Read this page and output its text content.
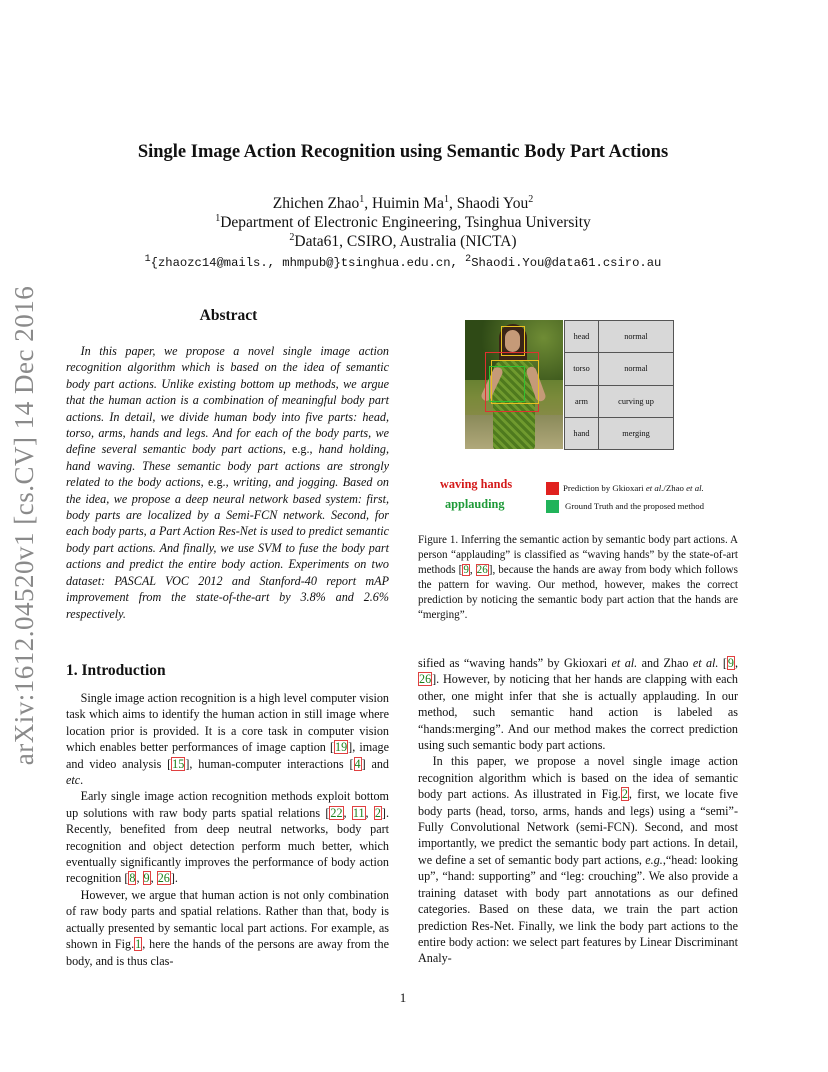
arXiv:1612.04520v1 [cs.CV] 14 Dec 2016
Single Image Action Recognition using Semantic Body Part Actions
Zhichen Zhao$^1$, Huimin Ma$^1$, Shaodi You$^2$
$^1$Department of Electronic Engineering, Tsinghua University
$^2$Data61, CSIRO, Australia (NICTA)
$^1${zhaozc14@mails., mhmpub@}tsinghua.edu.cn, $^2$Shaodi.You@data61.csiro.au
Abstract
In this paper, we propose a novel single image action recognition algorithm which is based on the idea of semantic body part actions. Unlike existing bottom up methods, we argue that the human action is a combination of meaningful body part actions. In detail, we divide human body into five parts: head, torso, arms, hands and legs. And for each of the body parts, we define several semantic body part actions, e.g., hand holding, hand waving. These semantic body part actions are strongly related to the body actions, e.g., writing, and jogging. Based on the idea, we propose a deep neural network based system: first, body parts are localized by a Semi-FCN network. Second, for each body parts, a Part Action Res-Net is used to predict semantic body part actions. And finally, we use SVM to fuse the body part actions and predict the entire body action. Experiments on two dataset: PASCAL VOC 2012 and Stanford-40 report mAP improvement from the state-of-the-art by 3.8% and 2.6% respectively.
head	normal
torso	normal
arm	curving up
hand	merging
waving hands
applauding
Prediction by Gkioxari et al./Zhao et al.
Ground Truth and the proposed method
Figure 1. Inferring the semantic action by semantic body part actions. A person “applauding” is classified as “waving hands” by the state-of-art methods [9, 26], because the hands are away from body which follows the pattern for waving. Our method, however, makes the correct prediction by noticing the semantic body part action that the hands are “merging”.
1. Introduction

Single image action recognition is a high level computer vision task which aims to identify the human action in still image where location prior is provided. It is a core task in computer vision which enables better performances of image caption [19], image and video analysis [15], human-computer interactions [4] and etc.

Early single image action recognition methods exploit bottom up solutions with raw body parts spatial relations [22, 11, 2]. Recently, benefited from deep neutral networks, body part recognition and object detection perform much better, which eventually significantly improves the performance of body action recognition [8, 9, 26].

However, we argue that human action is not only combination of raw body parts and spatial relations. Rather than that, body is actually presented by semantic local part actions. For example, as shown in Fig.1, here the hands of the persons are away from the body, and is thus clas-

sified as “waving hands” by Gkioxari et al. and Zhao et al. [9, 26]. However, by noticing that her hands are clapping with each other, one might infer that she is actually applauding. In our method, such semantic hand action is labeled as “hands:merging”. And our method makes the correct prediction using such semantic body part actions.

In this paper, we propose a novel single image action recognition algorithm which is based on the idea of semantic body part actions. As illustrated in Fig.2, first, we locate five body parts (head, torso, arms, hands and legs) using a “semi”-Fully Convolutional Network (semi-FCN). Second, and most importantly, we predict the semantic body part actions. In detail, we define a set of semantic body part actions, e.g.,“head: looking up”, “hand: supporting” and “leg: crouching”. We also provide a training dataset with body part annotations as our defined categories. Based on these data, we train the part action prediction Res-Net. Finally, we link the body part actions to the entire body action: we select part features by Linear Discriminant Analy-

1
